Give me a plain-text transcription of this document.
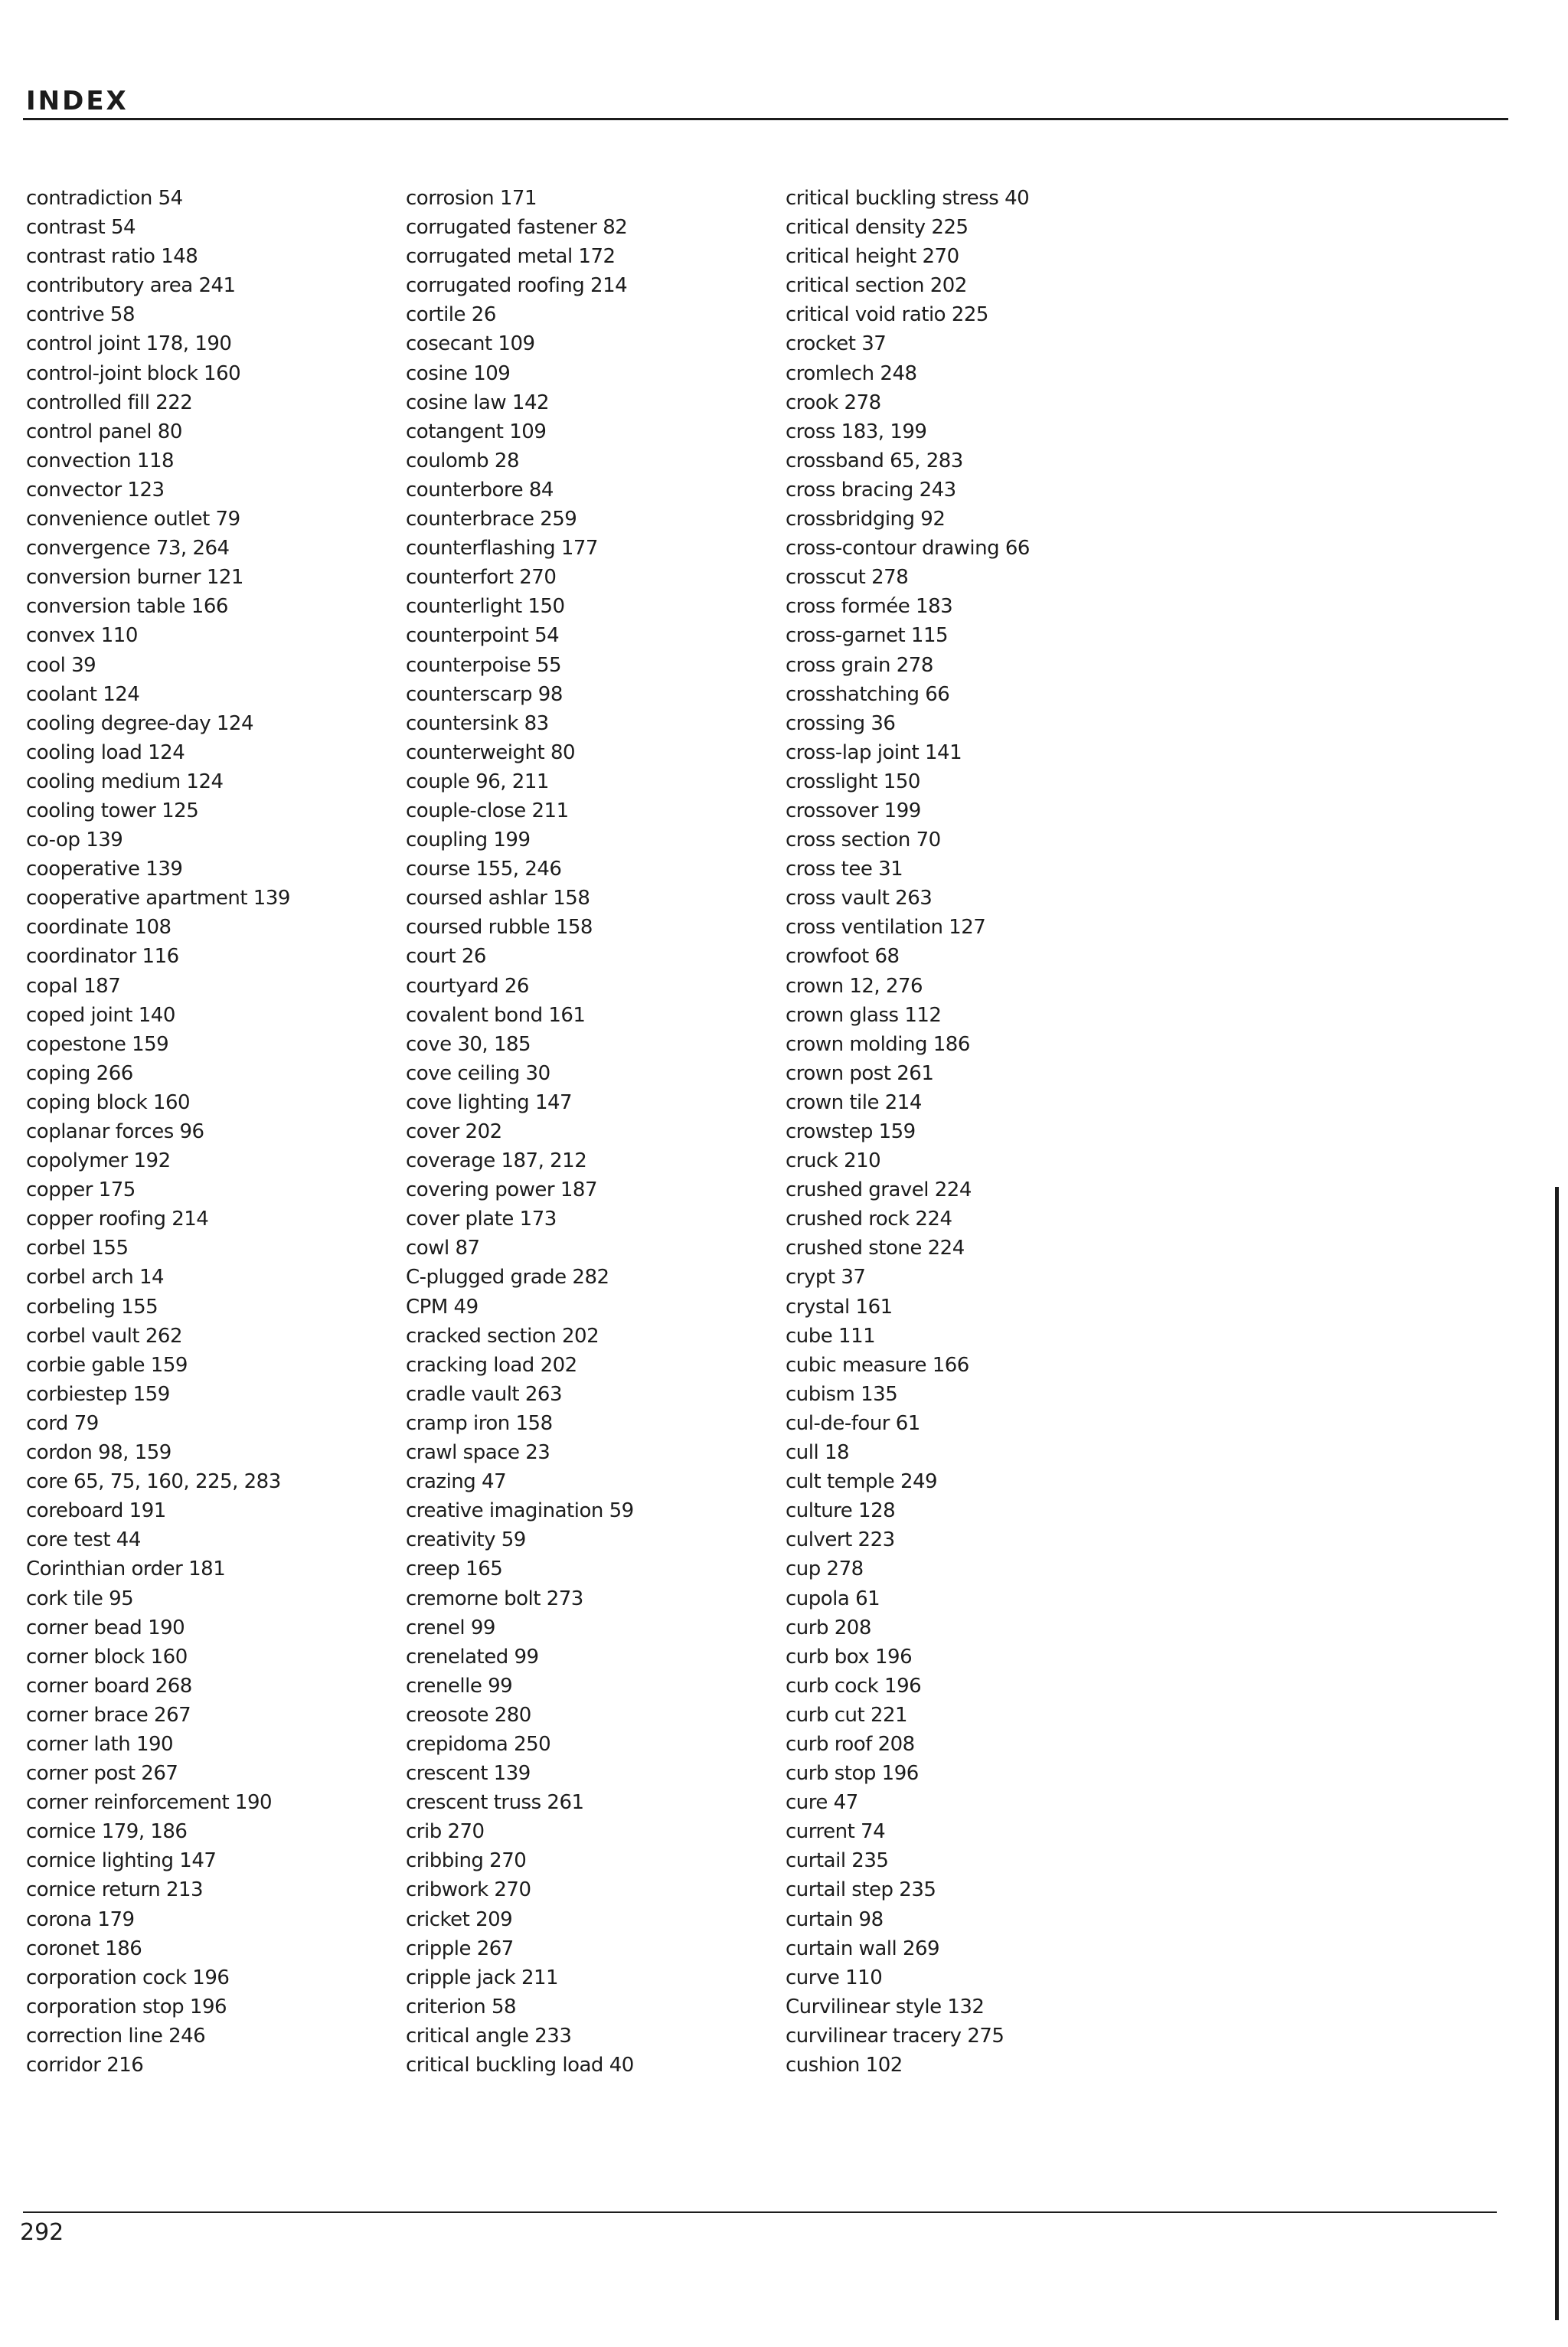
INDEX
contradiction 54
contrast 54
contrast ratio 148
contributory area 241
contrive 58
control joint 178, 190
control-joint block 160
controlled fill 222
control panel 80
convection 118
convector 123
convenience outlet 79
convergence 73, 264
conversion burner 121
conversion table 166
convex 110
cool 39
coolant 124
cooling degree-day 124
cooling load 124
cooling medium 124
cooling tower 125
co-op 139
cooperative 139
cooperative apartment 139
coordinate 108
coordinator 116
copal 187
coped joint 140
copestone 159
coping 266
coping block 160
coplanar forces 96
copolymer 192
copper 175
copper roofing 214
corbel 155
corbel arch 14
corbeling 155
corbel vault 262
corbie gable 159
corbiestep 159
cord 79
cordon 98, 159
core 65, 75, 160, 225, 283
coreboard 191
core test 44
Corinthian order 181
cork tile 95
corner bead 190
corner block 160
corner board 268
corner brace 267
corner lath 190
corner post 267
corner reinforcement 190
cornice 179, 186
cornice lighting 147
cornice return 213
corona 179
coronet 186
corporation cock 196
corporation stop 196
correction line 246
corridor 216
corrosion 171
corrugated fastener 82
corrugated metal 172
corrugated roofing 214
cortile 26
cosecant 109
cosine 109
cosine law 142
cotangent 109
coulomb 28
counterbore 84
counterbrace 259
counterflashing 177
counterfort 270
counterlight 150
counterpoint 54
counterpoise 55
counterscarp 98
countersink 83
counterweight 80
couple 96, 211
couple-close 211
coupling 199
course 155, 246
coursed ashlar 158
coursed rubble 158
court 26
courtyard 26
covalent bond 161
cove 30, 185
cove ceiling 30
cove lighting 147
cover 202
coverage 187, 212
covering power 187
cover plate 173
cowl 87
C-plugged grade 282
CPM 49
cracked section 202
cracking load 202
cradle vault 263
cramp iron 158
crawl space 23
crazing 47
creative imagination 59
creativity 59
creep 165
cremorne bolt 273
crenel 99
crenelated 99
crenelle 99
creosote 280
crepidoma 250
crescent 139
crescent truss 261
crib 270
cribbing 270
cribwork 270
cricket 209
cripple 267
cripple jack 211
criterion 58
critical angle 233
critical buckling load 40
critical buckling stress 40
critical density 225
critical height 270
critical section 202
critical void ratio 225
crocket 37
cromlech 248
crook 278
cross 183, 199
crossband 65, 283
cross bracing 243
crossbridging 92
cross-contour drawing 66
crosscut 278
cross formée 183
cross-garnet 115
cross grain 278
crosshatching 66
crossing 36
cross-lap joint 141
crosslight 150
crossover 199
cross section 70
cross tee 31
cross vault 263
cross ventilation 127
crowfoot 68
crown 12, 276
crown glass 112
crown molding 186
crown post 261
crown tile 214
crowstep 159
cruck 210
crushed gravel 224
crushed rock 224
crushed stone 224
crypt 37
crystal 161
cube 111
cubic measure 166
cubism 135
cul-de-four 61
cull 18
cult temple 249
culture 128
culvert 223
cup 278
cupola 61
curb 208
curb box 196
curb cock 196
curb cut 221
curb roof 208
curb stop 196
cure 47
current 74
curtail 235
curtail step 235
curtain 98
curtain wall 269
curve 110
Curvilinear style 132
curvilinear tracery 275
cushion 102
292
